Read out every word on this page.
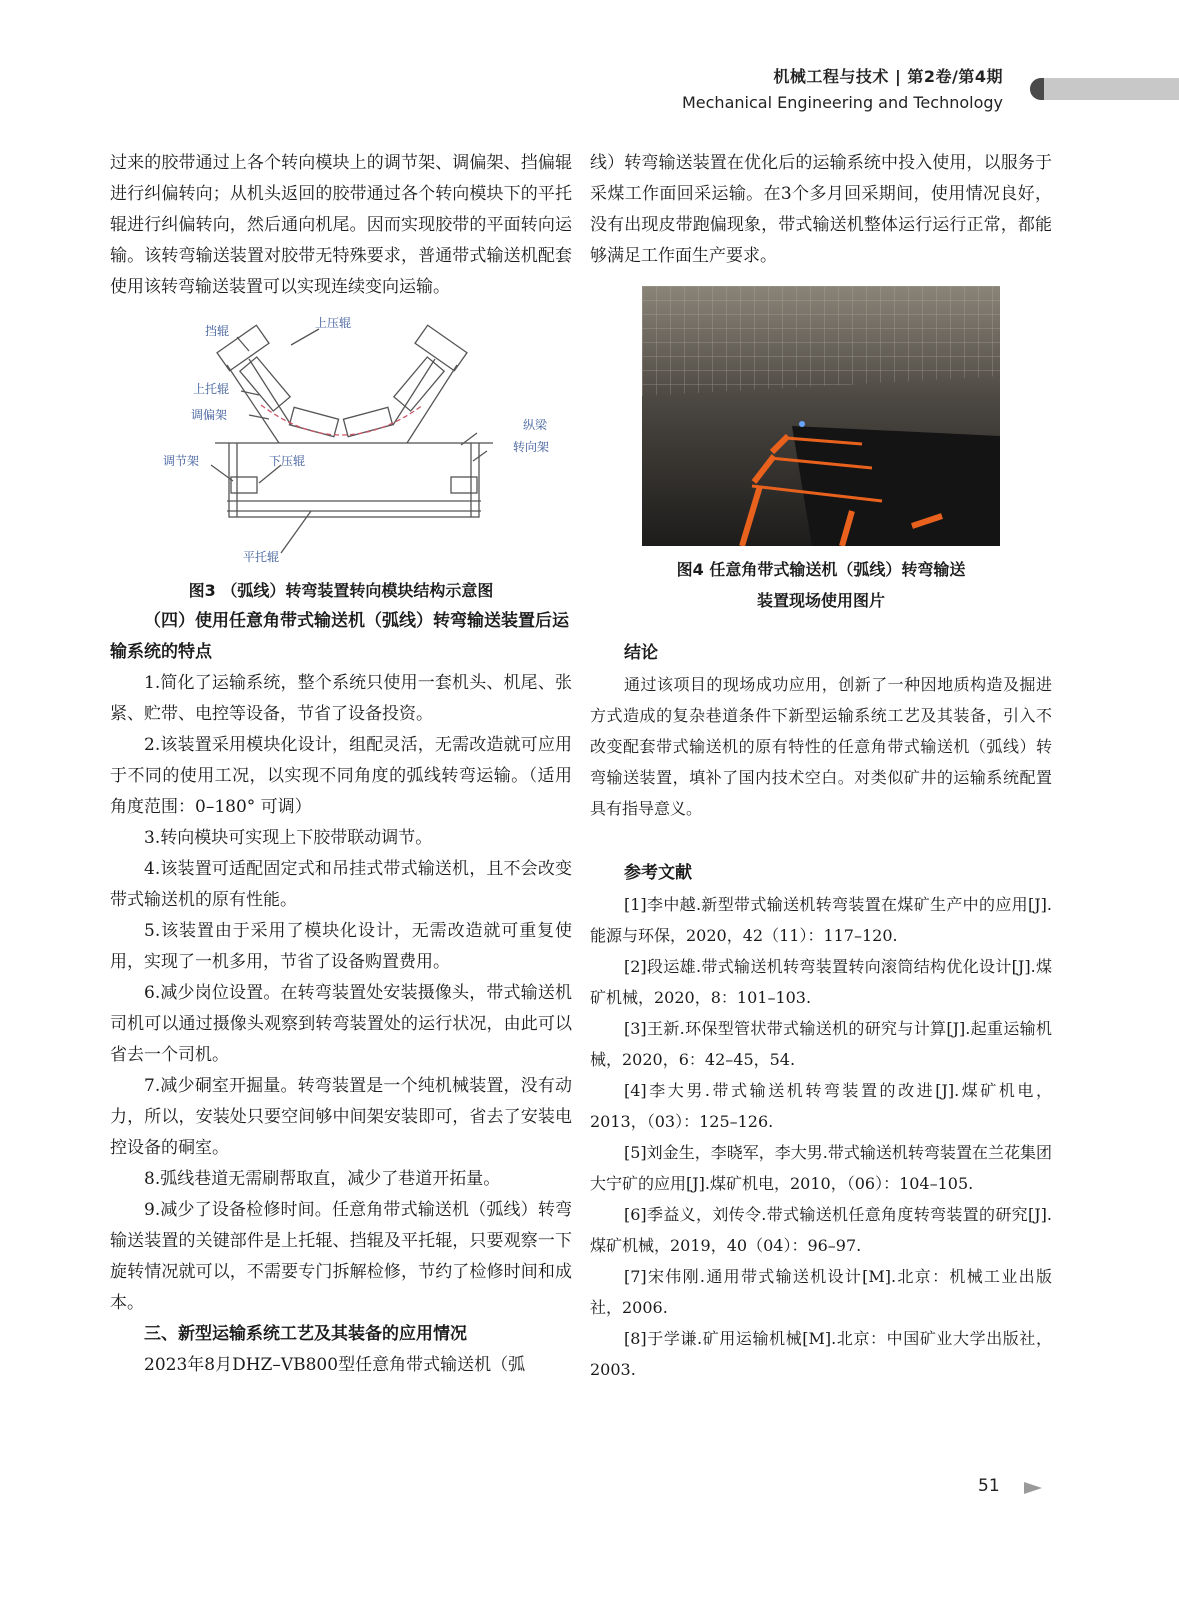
机械工程与技术 | 第2卷/第4期
Mechanical Engineering and Technology

过来的胶带通过上各个转向模块上的调节架、调偏架、挡偏辊进行纠偏转向；从机头返回的胶带通过各个转向模块下的平托辊进行纠偏转向，然后通向机尾。因而实现胶带的平面转向运输。该转弯输送装置对胶带无特殊要求，普通带式输送机配套使用该转弯输送装置可以实现连续变向运输。

挡辊
上压辊
上托辊
调偏架
纵梁
转向架
调节架	下压辊
平托辊

图3 （弧线）转弯装置转向模块结构示意图

（四）使用任意角带式输送机（弧线）转弯输送装置后运输系统的特点

1.简化了运输系统，整个系统只使用一套机头、机尾、张紧、贮带、电控等设备，节省了设备投资。

2.该装置采用模块化设计，组配灵活，无需改造就可应用于不同的使用工况，以实现不同角度的弧线转弯运输。（适用角度范围：0–180° 可调）

3.转向模块可实现上下胶带联动调节。

4.该装置可适配固定式和吊挂式带式输送机，且不会改变带式输送机的原有性能。

5.该装置由于采用了模块化设计，无需改造就可重复使用，实现了一机多用，节省了设备购置费用。

6.减少岗位设置。在转弯装置处安装摄像头，带式输送机司机可以通过摄像头观察到转弯装置处的运行状况，由此可以省去一个司机。

7.减少硐室开掘量。转弯装置是一个纯机械装置，没有动力，所以，安装处只要空间够中间架安装即可，省去了安装电控设备的硐室。

8.弧线巷道无需刷帮取直，减少了巷道开拓量。

9.减少了设备检修时间。任意角带式输送机（弧线）转弯输送装置的关键部件是上托辊、挡辊及平托辊，只要观察一下旋转情况就可以，不需要专门拆解检修，节约了检修时间和成本。

三、新型运输系统工艺及其装备的应用情况

2023年8月DHZ–VB800型任意角带式输送机（弧

线）转弯输送装置在优化后的运输系统中投入使用，以服务于采煤工作面回采运输。在3个多月回采期间，使用情况良好，没有出现皮带跑偏现象，带式输送机整体运行运行正常，都能够满足工作面生产要求。

图4 任意角带式输送机（弧线）转弯输送

装置现场使用图片

结论

通过该项目的现场成功应用，创新了一种因地质构造及掘进方式造成的复杂巷道条件下新型运输系统工艺及其装备，引入不改变配套带式输送机的原有特性的任意角带式输送机（弧线）转弯输送装置，填补了国内技术空白。对类似矿井的运输系统配置具有指导意义。

参考文献

[1]李中越.新型带式输送机转弯装置在煤矿生产中的应用[J].能源与环保，2020，42（11）：117–120.

[2]段运雄.带式输送机转弯装置转向滚筒结构优化设计[J].煤矿机械，2020，8：101–103.

[3]王新.环保型管状带式输送机的研究与计算[J].起重运输机械，2020，6：42–45，54.

[4]李大男.带式输送机转弯装置的改进[J].煤矿机电，2013，（03）：125–126.

[5]刘金生，李晓军，李大男.带式输送机转弯装置在兰花集团大宁矿的应用[J].煤矿机电，2010，（06）：104–105.

[6]季益义，刘传令.带式输送机任意角度转弯装置的研究[J].煤矿机械，2019，40（04）：96–97.

[7]宋伟刚.通用带式输送机设计[M].北京：机械工业出版社，2006.

[8]于学谦.矿用运输机械[M].北京：中国矿业大学出版社，2003.

51
